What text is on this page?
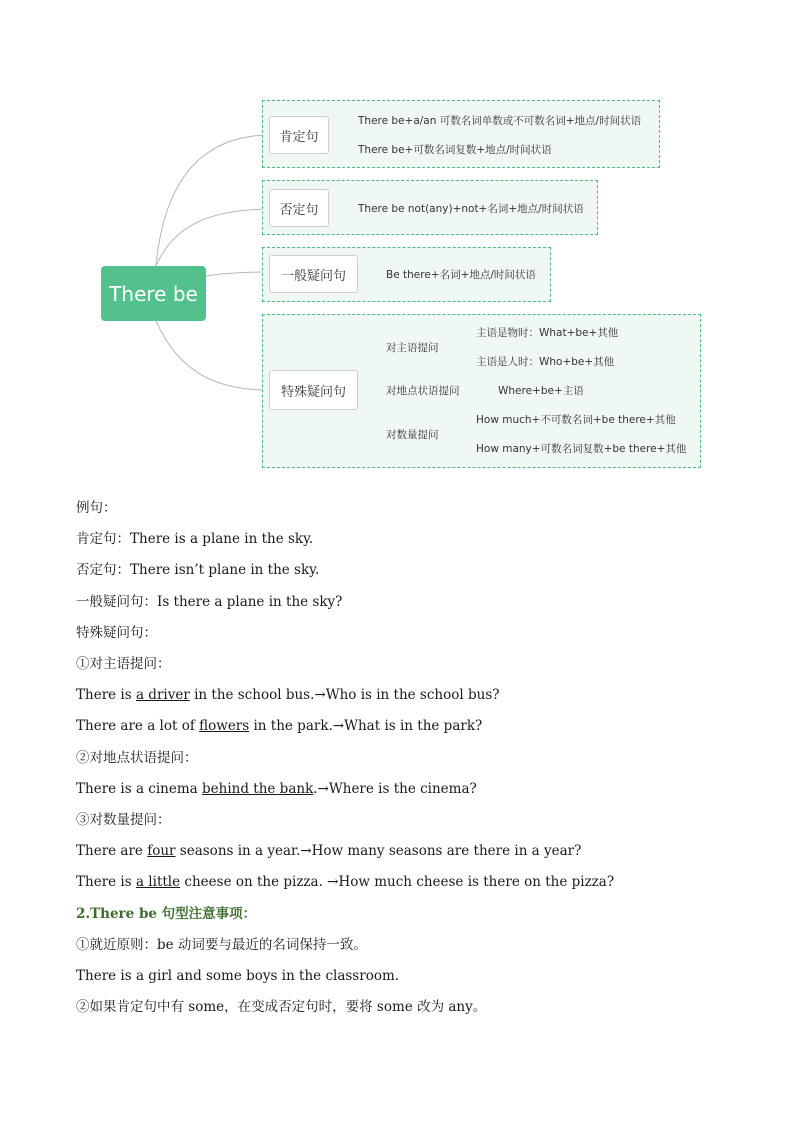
There be
肯定句
否定句
一般疑问句
特殊疑问句
There be+a/an 可数名词单数或不可数名词+地点/时间状语
There be+可数名词复数+地点/时间状语
There be not(any)+not+名词+地点/时间状语
Be there+名词+地点/时间状语
对主语提问
对地点状语提问
对数量提问
主语是物时：What+be+其他
主语是人时：Who+be+其他
Where+be+主语
How much+不可数名词+be there+其他
How many+可数名词复数+be there+其他
例句：
肯定句：There is a plane in the sky.
否定句：There isn’t plane in the sky.
一般疑问句：Is there a plane in the sky?
特殊疑问句：
①对主语提问：
There is a driver in the school bus.→Who is in the school bus?
There are a lot of flowers in the park.→What is in the park?
②对地点状语提问：
There is a cinema behind the bank.→Where is the cinema?
③对数量提问：
There are four seasons in a year.→How many seasons are there in a year?
There is a little cheese on the pizza. →How much cheese is there on the pizza?
2.There be 句型注意事项：
①就近原则：be 动词要与最近的名词保持一致。
There is a girl and some boys in the classroom.
②如果肯定句中有 some，在变成否定句时，要将 some 改为 any。
